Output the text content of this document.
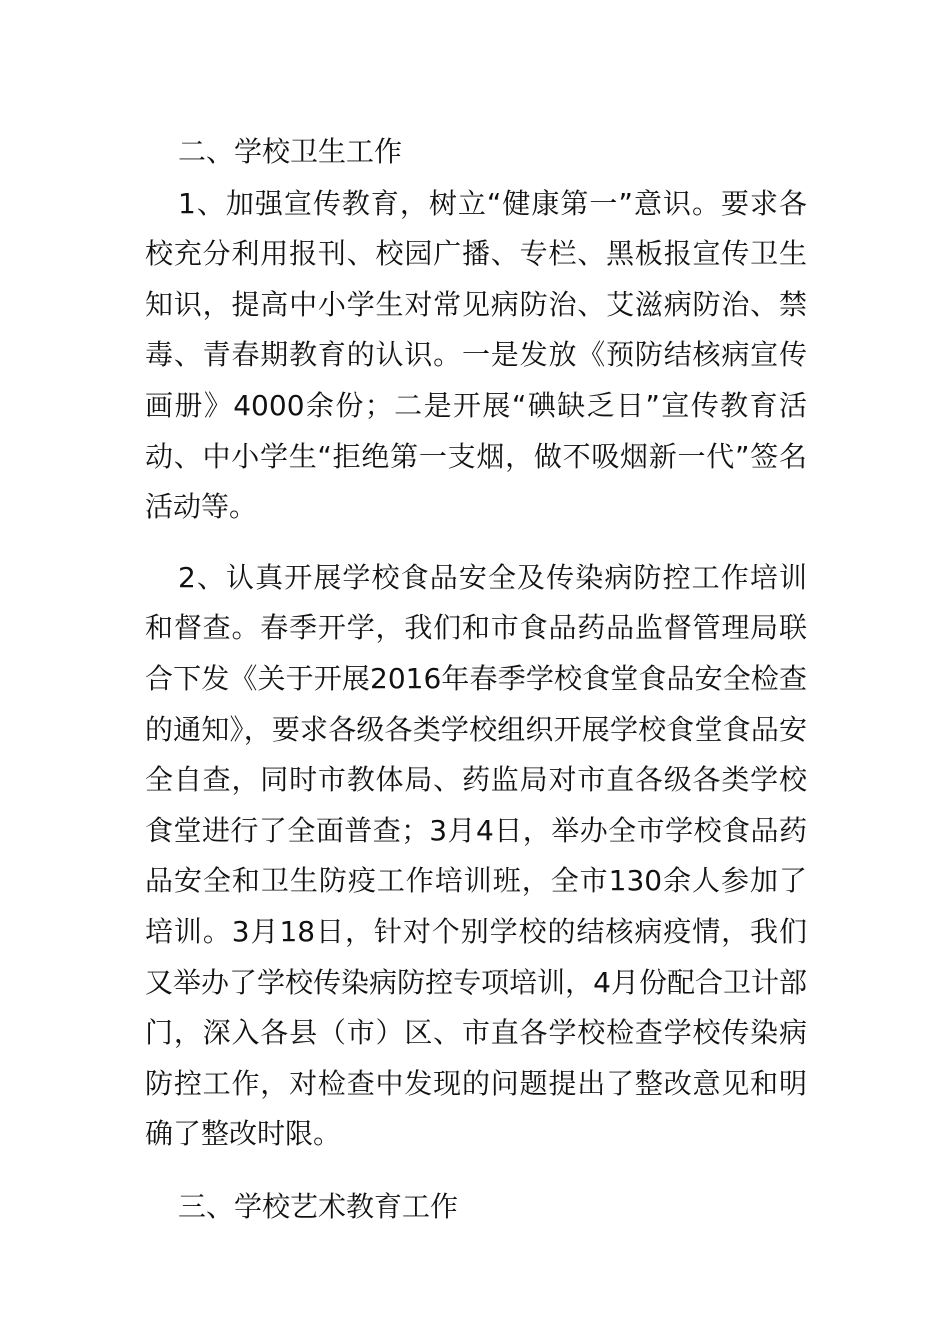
二、学校卫生工作

1、加强宣传教育，树立“健康第一”意识。要求各校充分利用报刊、校园广播、专栏、黑板报宣传卫生知识，提高中小学生对常见病防治、艾滋病防治、禁毒、青春期教育的认识。一是发放《预防结核病宣传画册》4000余份；二是开展“碘缺乏日”宣传教育活动、中小学生“拒绝第一支烟，做不吸烟新一代”签名活动等。

2、认真开展学校食品安全及传染病防控工作培训和督查。春季开学，我们和市食品药品监督管理局联合下发《关于开展2016年春季学校食堂食品安全检查的通知》，要求各级各类学校组织开展学校食堂食品安全自查，同时市教体局、药监局对市直各级各类学校食堂进行了全面普查；3月4日，举办全市学校食品药品安全和卫生防疫工作培训班，全市130余人参加了培训。3月18日，针对个别学校的结核病疫情，我们又举办了学校传染病防控专项培训，4月份配合卫计部门，深入各县（市）区、市直各学校检查学校传染病防控工作，对检查中发现的问题提出了整改意见和明确了整改时限。

三、学校艺术教育工作
